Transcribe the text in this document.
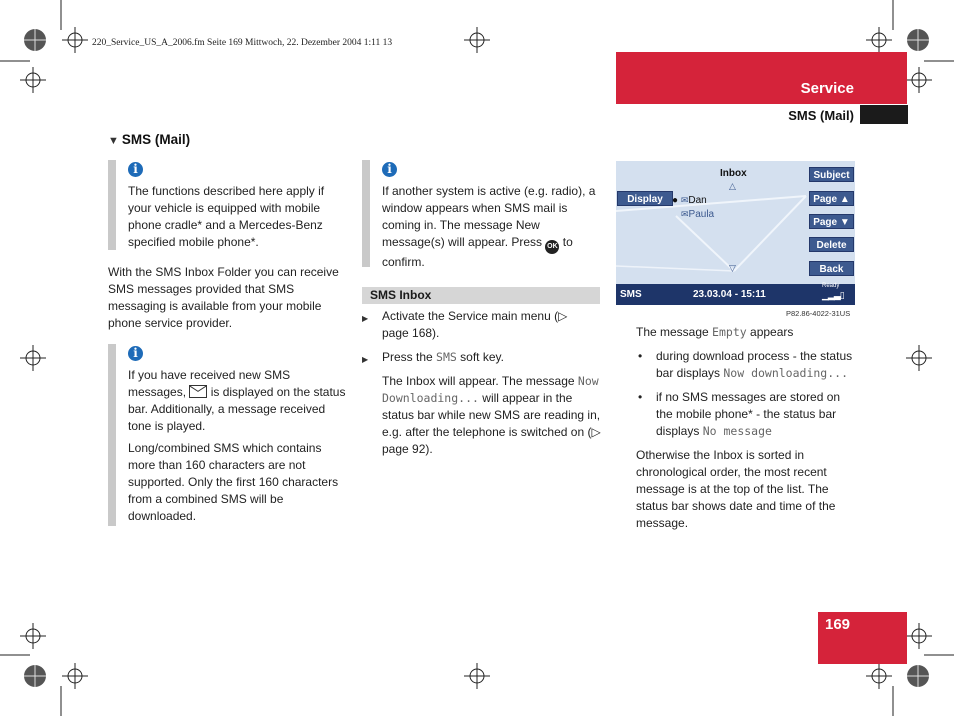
220_Service_US_A_2006.fm Seite 169 Mittwoch, 22. Dezember 2004 1:11 13
Service
SMS (Mail)
▼ SMS (Mail)
i

The functions described here apply if your vehicle is equipped with mobile phone cradle* and a Mercedes-Benz specified mobile phone*.

With the SMS Inbox Folder you can receive SMS messages provided that SMS messaging is available from your mobile phone service provider.

i

If you have received new SMS messages, is displayed on the status bar. Additionally, a message received tone is played.

Long/combined SMS which contains more than 160 characters are not supported. Only the first 160 characters from a combined SMS will be downloaded.

i

If another system is active (e.g. radio), a window appears when SMS mail is coming in. The message New message(s) will appear. Press OK to confirm.

SMS Inbox

▶ Activate the Service main menu (▷ page 168).

▶ Press the SMS soft key.

The Inbox will appear. The message Now Downloading... will appear in the status bar while new SMS are reading in, e.g. after the telephone is switched on (▷ page 92).

Inbox
△
▽
Display ● ✉Dan
✉Paula
Subject
Page ▲
Page ▼
Delete
Back
SMS	23.03.04 - 15:11
Ready
▁▂▃▯
P82.86-4022-31US

The message Empty appears

• during download process - the status bar displays Now downloading...

• if no SMS messages are stored on the mobile phone* - the status bar displays No message

Otherwise the Inbox is sorted in chronological order, the most recent message is at the top of the list. The status bar shows date and time of the message.

169
